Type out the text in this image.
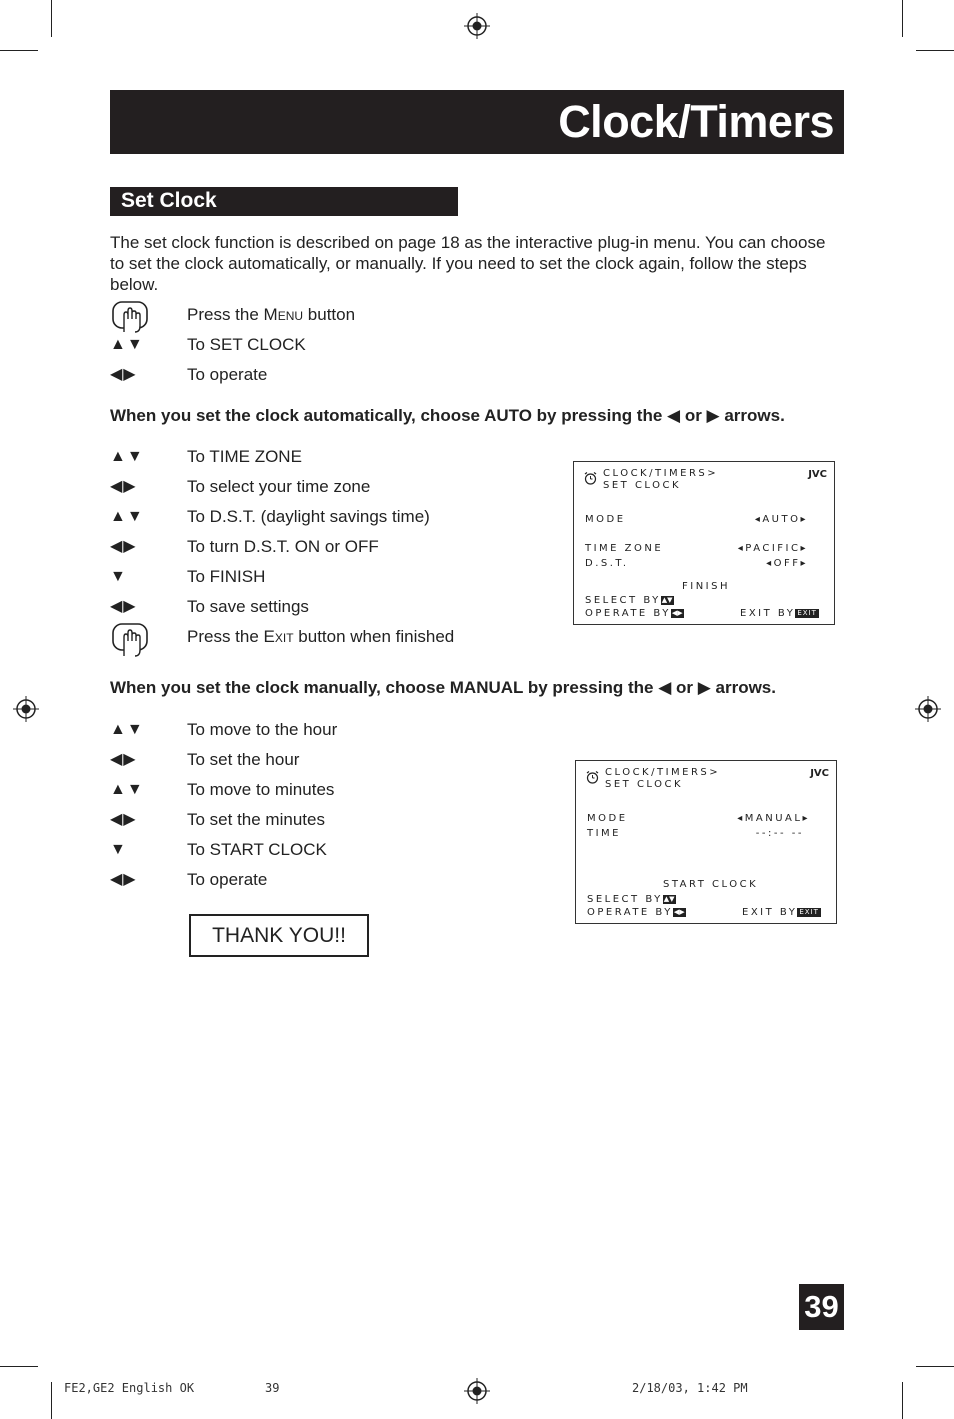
Clock/Timers
Set Clock
The set clock function is described on page 18 as the interactive plug-in menu. You can choose to set the clock automatically, or manually. If you need to set the clock again, follow the steps below.
Press the MENU button
▲▼	To SET CLOCK
◀▶	To operate
When you set the clock automatically, choose AUTO by pressing the ◀ or ▶ arrows.
▲▼	To TIME ZONE
◀▶	To select your time zone
▲▼	To D.S.T. (daylight savings time)
◀▶	To turn D.S.T. ON or OFF
▼	To FINISH
◀▶	To save settings
Press the EXIT button when finished
CLOCK/TIMERS>
SET CLOCK
JVC
MODE	◂AUTO▸
TIME ZONE	◂PACIFIC▸
D.S.T.	◂OFF▸
FINISH
SELECT BY▲▼
OPERATE BY◀▶	EXIT BY EXIT
When you set the clock manually, choose MANUAL by pressing the ◀ or ▶ arrows.
▲▼	To move to the hour
◀▶	To set the hour
▲▼	To move to minutes
◀▶	To set the minutes
▼	To START CLOCK
◀▶	To operate
CLOCK/TIMERS>
SET CLOCK
JVC
MODE	◂MANUAL▸
TIME	--:-- --
START CLOCK
SELECT BY▲▼
OPERATE BY◀▶	EXIT BY EXIT
THANK YOU!!
39
FE2,GE2 English OK	39	2/18/03, 1:42 PM
